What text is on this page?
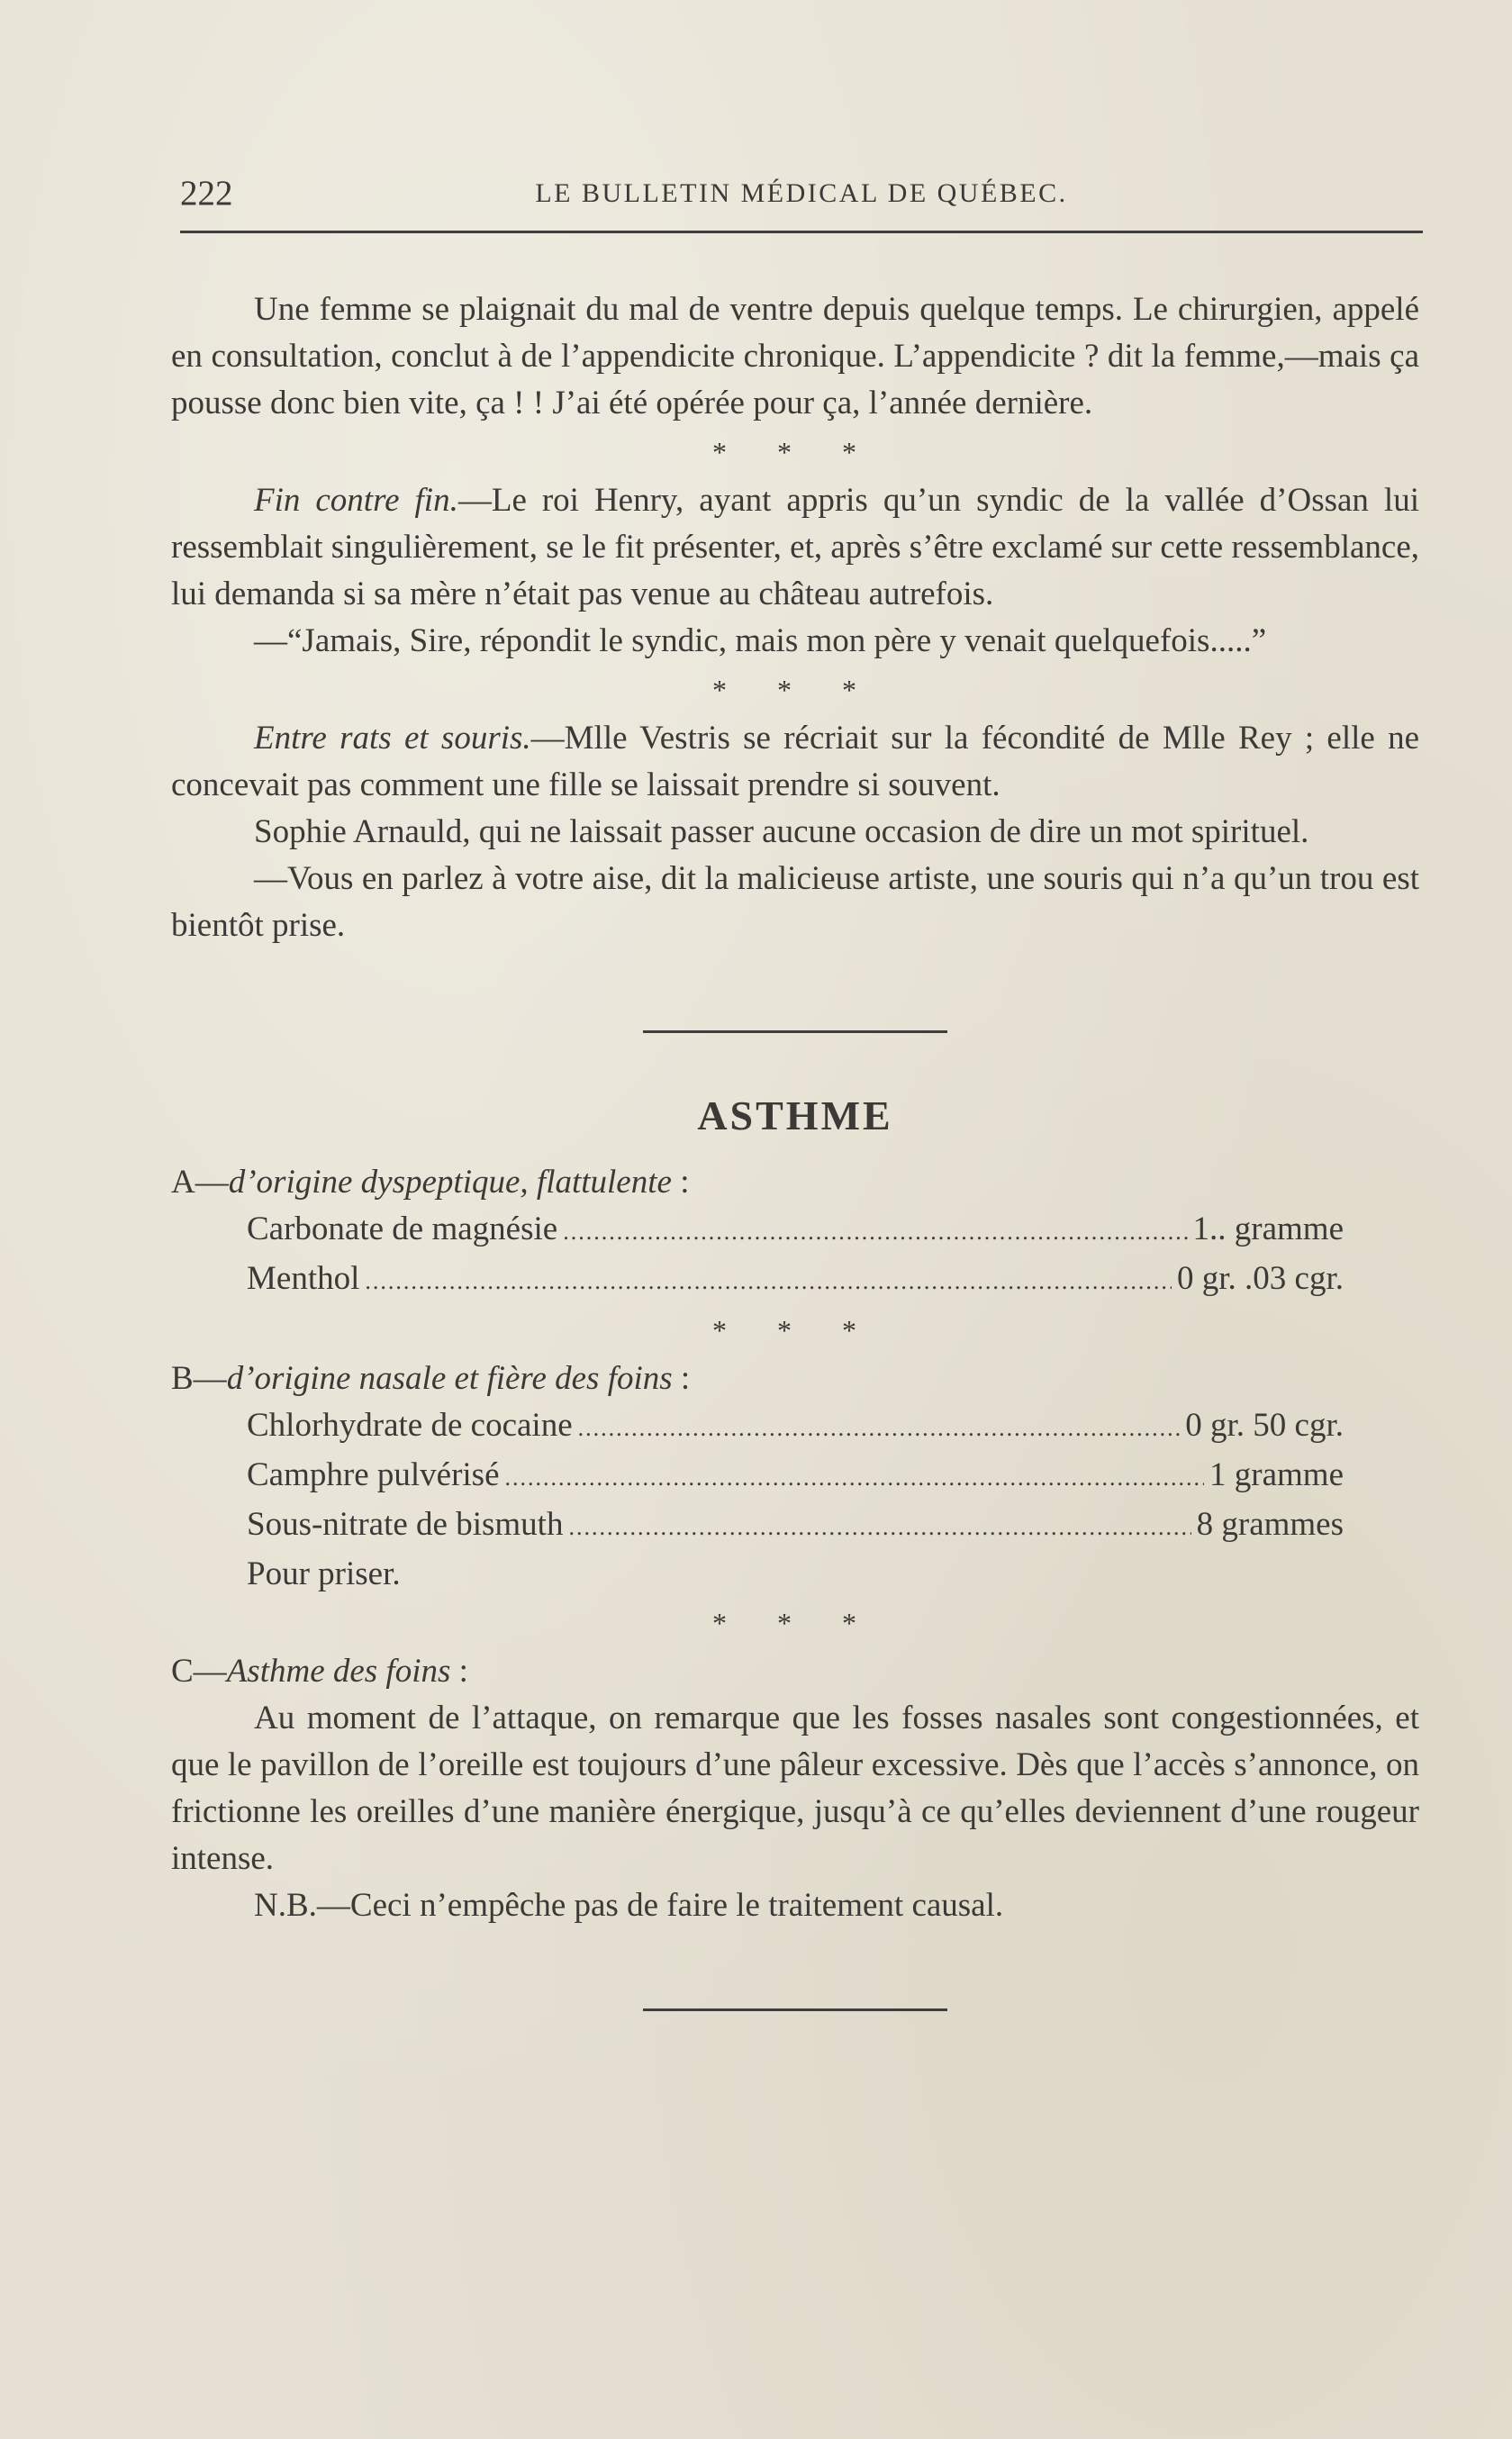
222	LE BULLETIN MÉDICAL DE QUÉBEC.

Une femme se plaignait du mal de ventre depuis quelque temps. Le chirurgien, appelé en consultation, conclut à de l’appendicite chronique. L’appendicite ? dit la femme,—mais ça pousse donc bien vite, ça ! ! J’ai été opérée pour ça, l’année dernière.

* * *

Fin contre fin.—Le roi Henry, ayant appris qu’un syndic de la vallée d’Ossan lui ressemblait singulièrement, se le fit présenter, et, après s’être exclamé sur cette ressemblance, lui demanda si sa mère n’était pas venue au château autrefois.

—“Jamais, Sire, répondit le syndic, mais mon père y venait quelquefois.....”

* * *

Entre rats et souris.—Mlle Vestris se récriait sur la fécondité de Mlle Rey ; elle ne concevait pas comment une fille se laissait prendre si souvent.

Sophie Arnauld, qui ne laissait passer aucune occasion de dire un mot spirituel.

—Vous en parlez à votre aise, dit la malicieuse artiste, une souris qui n’a qu’un trou est bientôt prise.

ASTHME

A—d’origine dyspeptique, flattulente :

Carbonate de magnésie .....	1.. gramme
Menthol .....	0 gr. .03 cgr.
* * *

B—d’origine nasale et fière des foins :

Chlorhydrate de cocaine .....	0 gr. 50 cgr.
Camphre pulvérisé .....	1 gramme
Sous-nitrate de bismuth .....	8 grammes
Pour priser.
* * *

C—Asthme des foins :

Au moment de l’attaque, on remarque que les fosses nasales sont congestionnées, et que le pavillon de l’oreille est toujours d’une pâleur excessive. Dès que l’accès s’annonce, on frictionne les oreilles d’une manière énergique, jusqu’à ce qu’elles deviennent d’une rougeur intense.

N.B.—Ceci n’empêche pas de faire le traitement causal.
